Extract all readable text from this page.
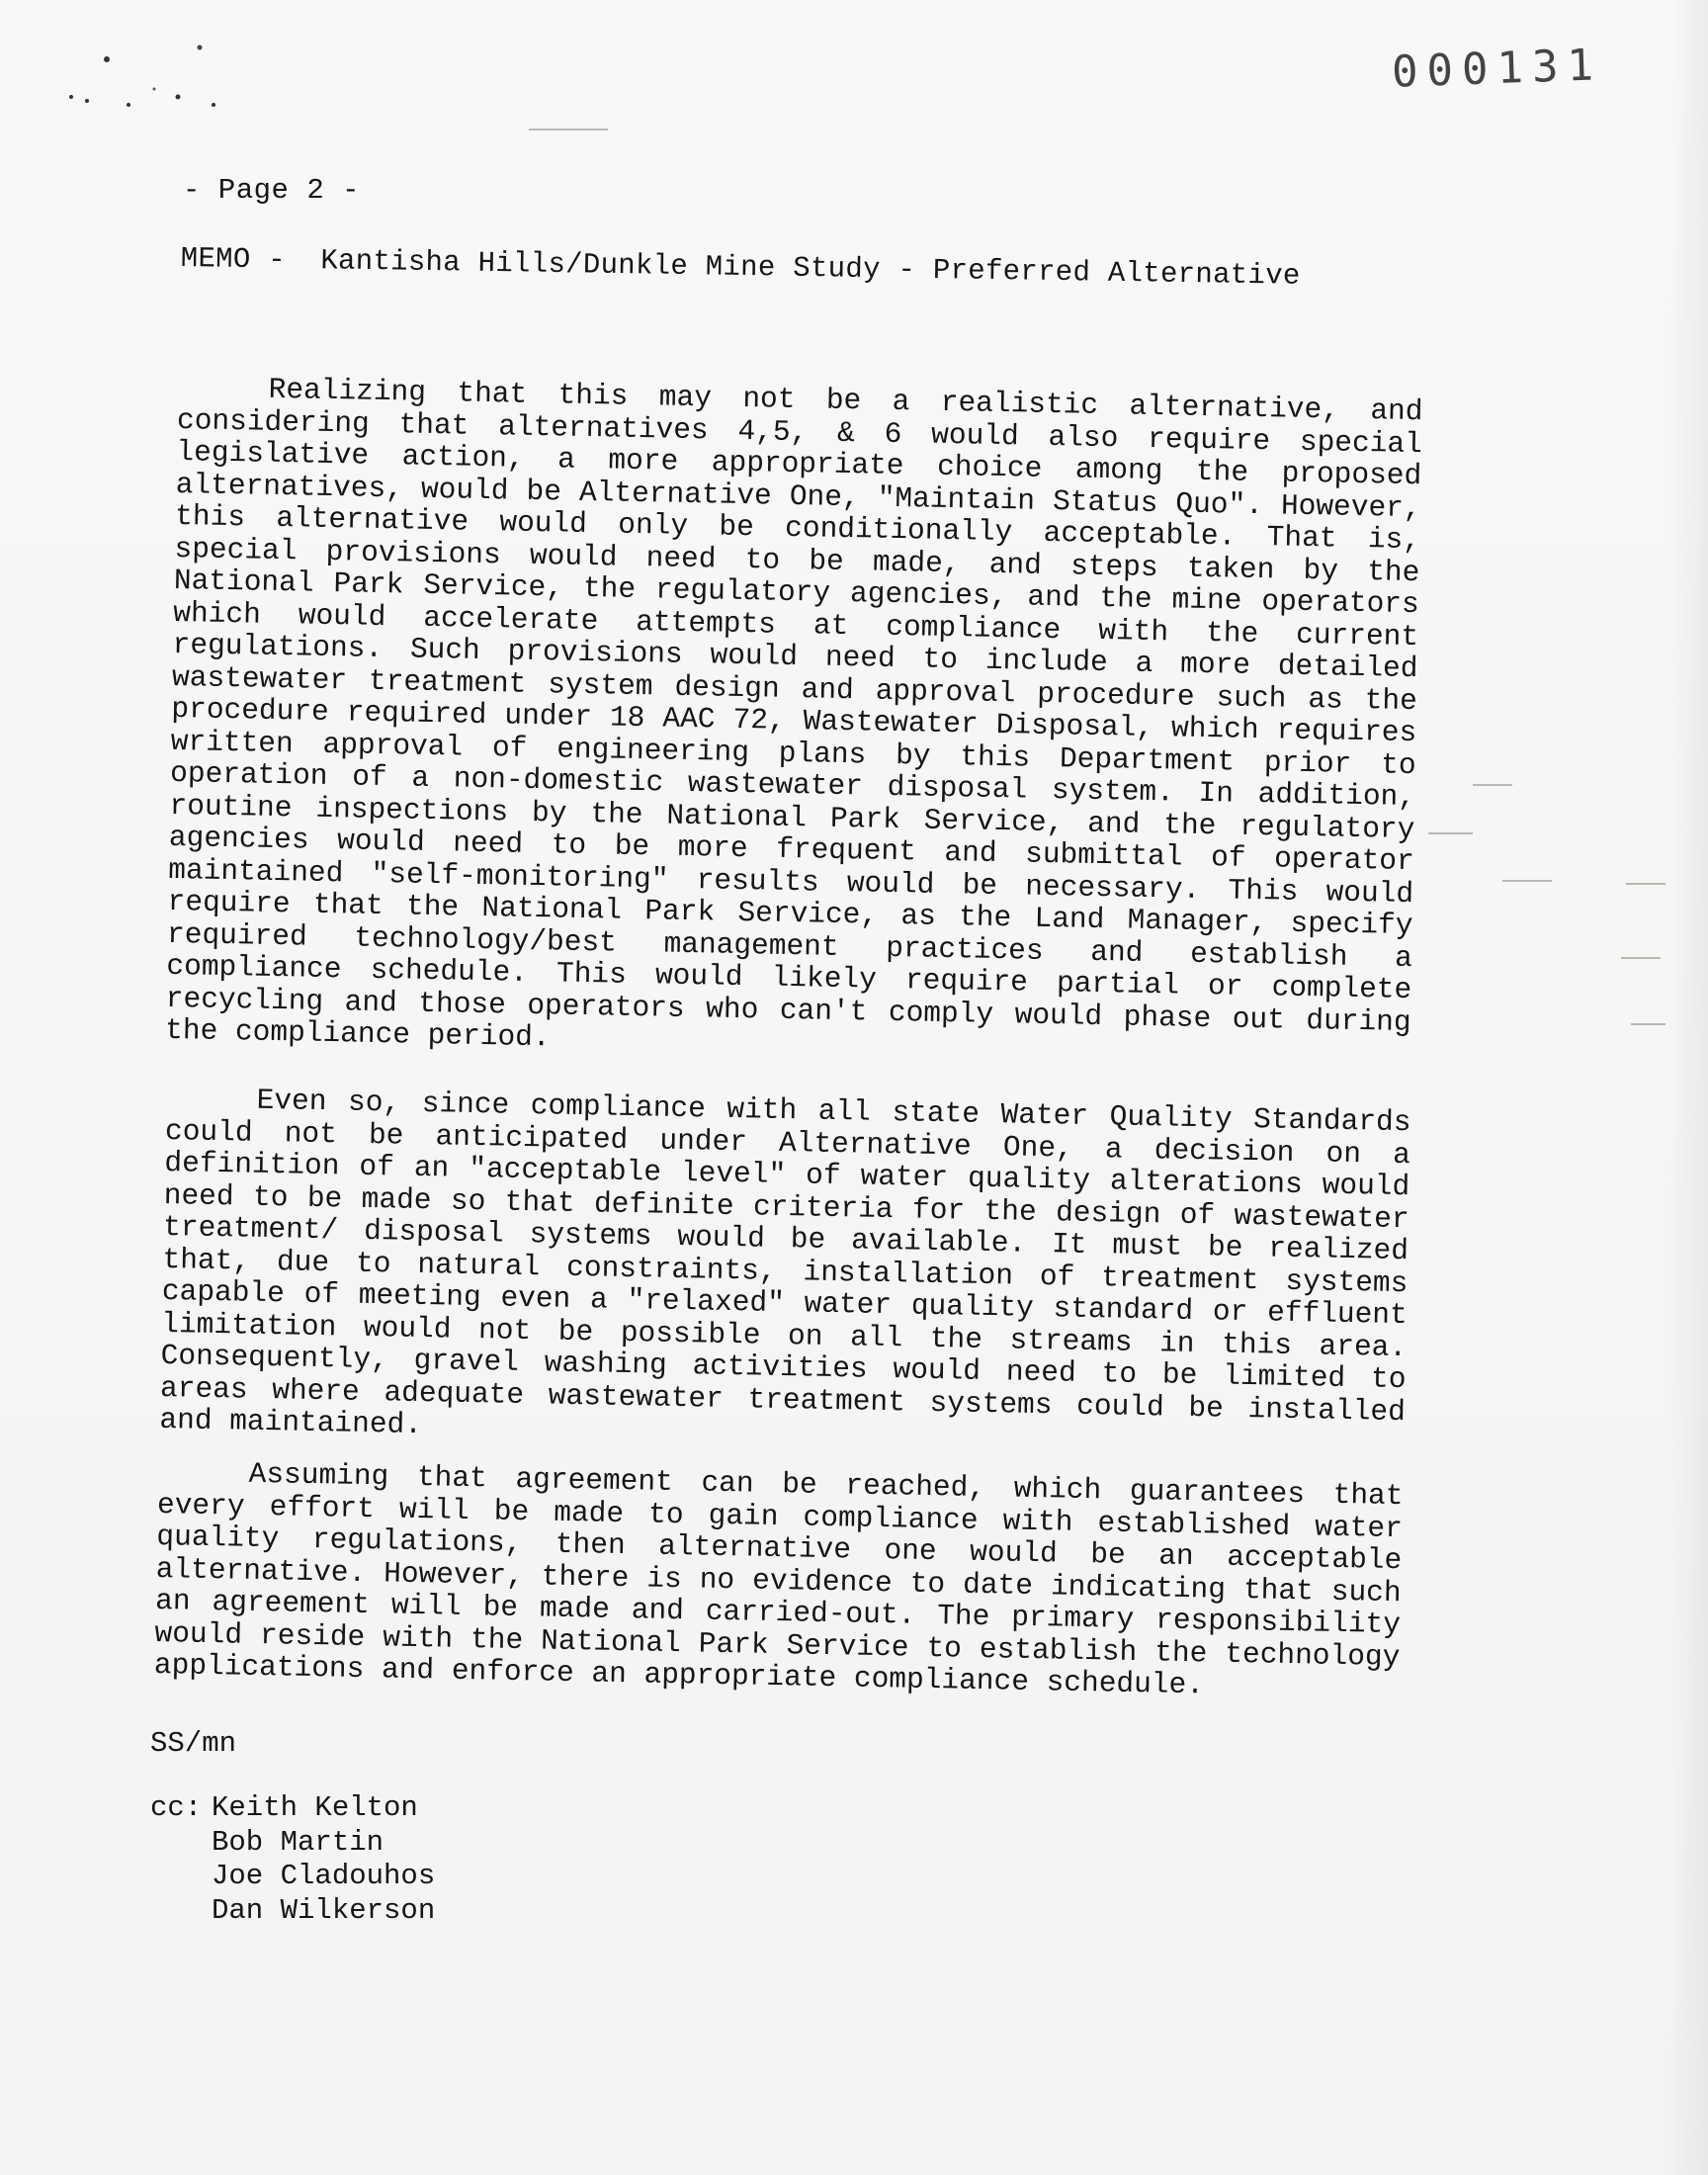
000131
- Page 2 -
MEMO -  Kantisha Hills/Dunkle Mine Study - Preferred Alternative

Realizing that this may not be a realistic alternative, and considering that alternatives 4,5, & 6 would also require special legislative action, a more appropriate choice among the proposed alternatives, would be Alternative One, "Maintain Status Quo". However, this alternative would only be conditionally acceptable. That is, special provisions would need to be made, and steps taken by the National Park Service, the regulatory agencies, and the mine operators which would accelerate attempts at compliance with the current regulations. Such provisions would need to include a more detailed wastewater treatment system design and approval procedure such as the procedure required under 18 AAC 72, Wastewater Disposal, which requires written approval of engineering plans by this Department prior to operation of a non-domestic wastewater disposal system. In addition, routine inspections by the National Park Service, and the regulatory agencies would need to be more frequent and submittal of operator maintained "self-monitoring" results would be necessary. This would require that the National Park Service, as the Land Manager, specify required technology/best management practices and establish a compliance schedule. This would likely require partial or complete recycling and those operators who can't comply would phase out during the compliance period.

Even so, since compliance with all state Water Quality Standards could not be anticipated under Alternative One, a decision on a definition of an "acceptable level" of water quality alterations would need to be made so that definite criteria for the design of wastewater treatment/ disposal systems would be available. It must be realized that, due to natural constraints, installation of treatment systems capable of meeting even a "relaxed" water quality standard or effluent limitation would not be possible on all the streams in this area. Consequently, gravel washing activities would need to be limited to areas where adequate wastewater treatment systems could be installed and maintained.

Assuming that agreement can be reached, which guarantees that every effort will be made to gain compliance with established water quality regulations, then alternative one would be an acceptable alternative. However, there is no evidence to date indicating that such an agreement will be made and carried-out. The primary responsibility would reside with the National Park Service to establish the technology applications and enforce an appropriate compliance schedule.

SS/mn
cc: Keith Kelton
Bob Martin
Joe Cladouhos
Dan Wilkerson
